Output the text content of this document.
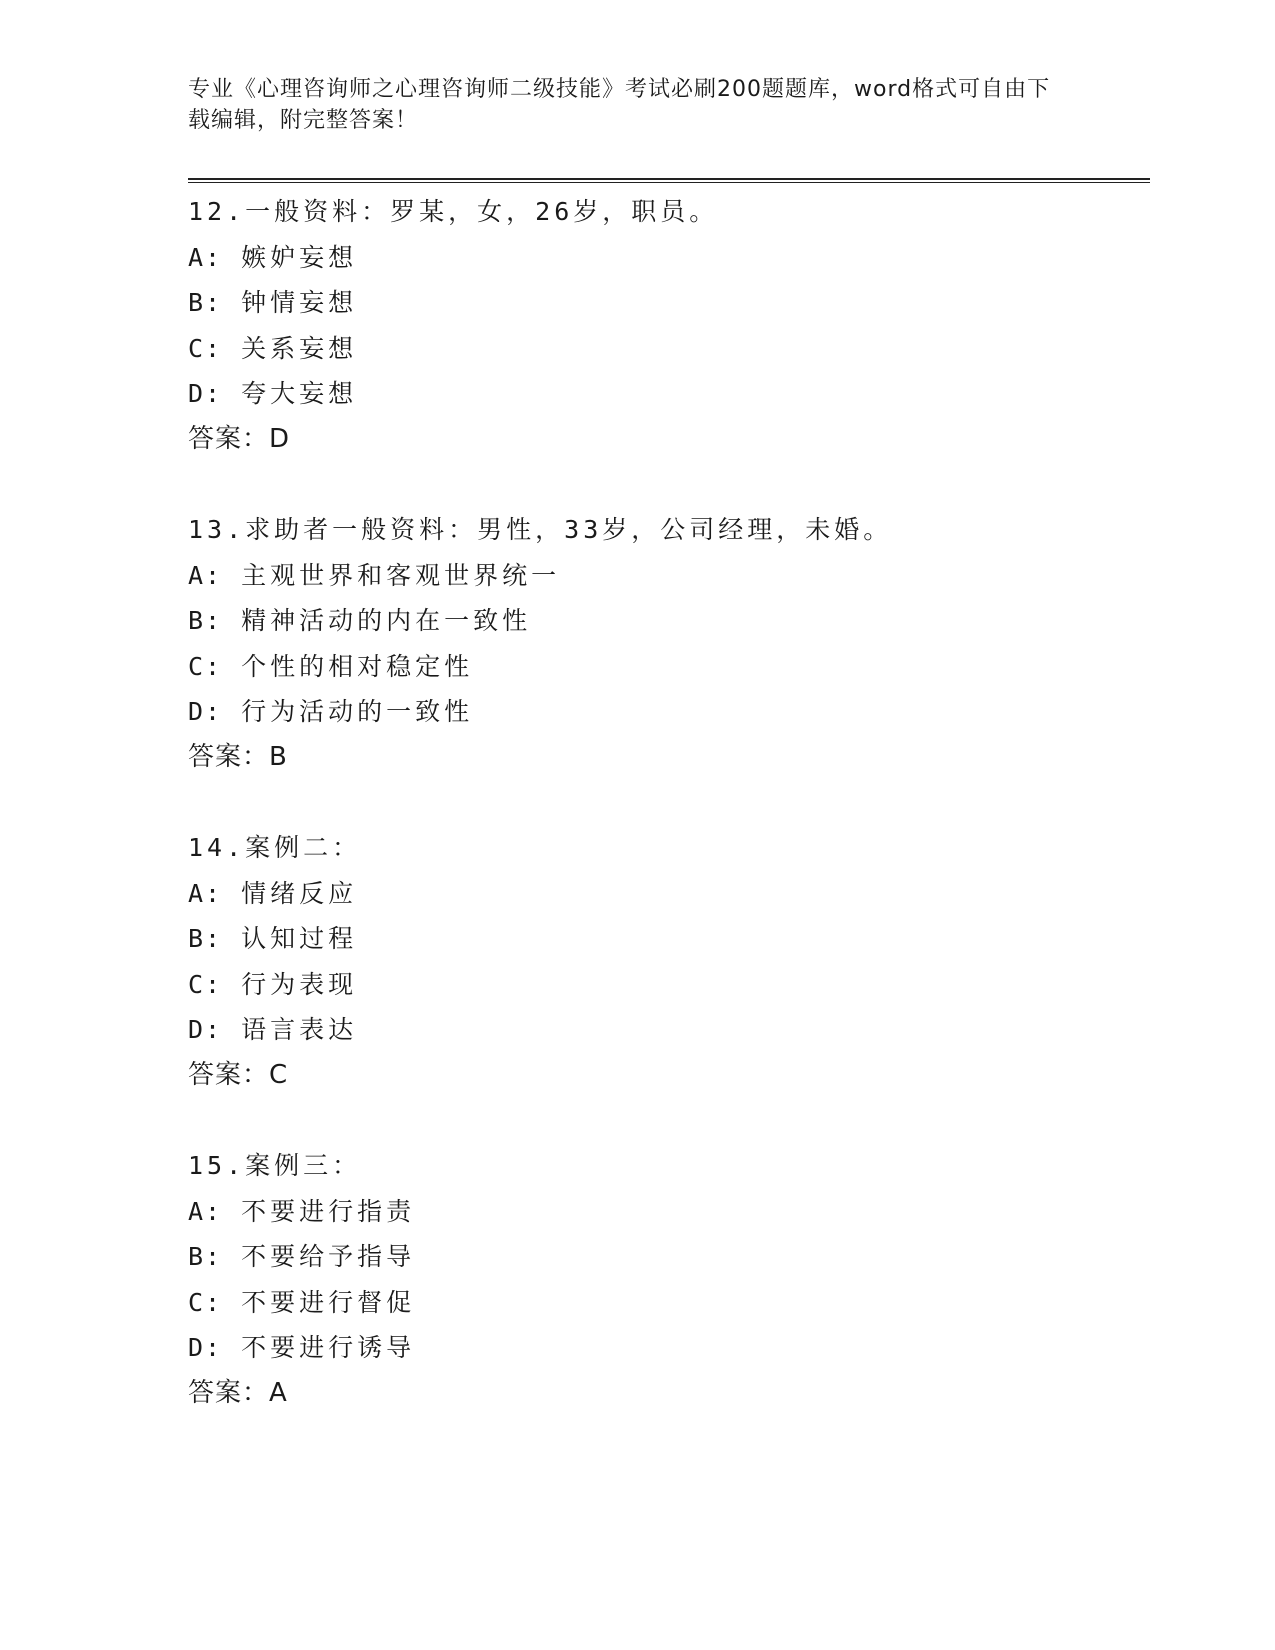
专业《心理咨询师之心理咨询师二级技能》考试必刷200题题库，word格式可自由下载编辑，附完整答案！
12.一般资料：罗某，女，26岁，职员。
A: 嫉妒妄想
B: 钟情妄想
C: 关系妄想
D: 夸大妄想
答案：D
13.求助者一般资料：男性，33岁，公司经理，未婚。
A: 主观世界和客观世界统一
B: 精神活动的内在一致性
C: 个性的相对稳定性
D: 行为活动的一致性
答案：B
14.案例二：
A: 情绪反应
B: 认知过程
C: 行为表现
D: 语言表达
答案：C
15.案例三：
A: 不要进行指责
B: 不要给予指导
C: 不要进行督促
D: 不要进行诱导
答案：A
